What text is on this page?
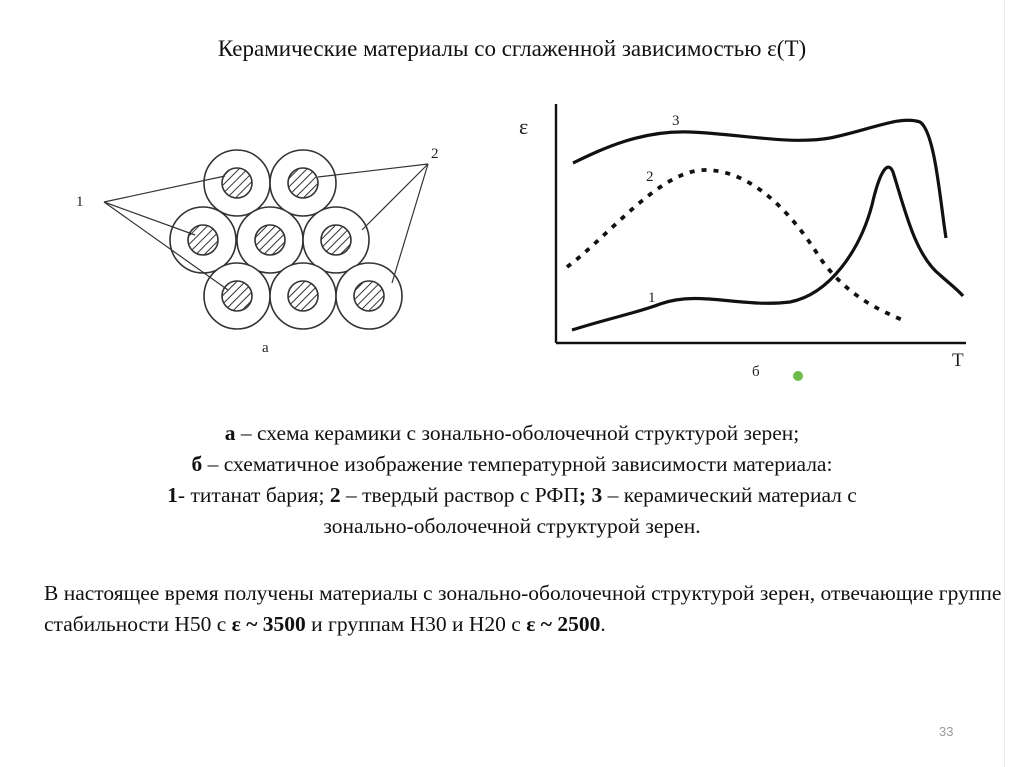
Керамические материалы со сглаженной зависимостью ε(Т)
1
2
а
ε
T
3
2
1
б
а – схема керамики с зонально-оболочечной структурой зерен;
б – схематичное изображение температурной зависимости материала:
1- титанат бария; 2 – твердый раствор с РФП; 3 – керамический материал с
зонально-оболочечной структурой зерен.
В настоящее время получены материалы с зонально-оболочечной структурой зерен, отвечающие группе стабильности Н50 с ε ~ 3500 и группам Н30 и Н20 с ε ~ 2500.
33
